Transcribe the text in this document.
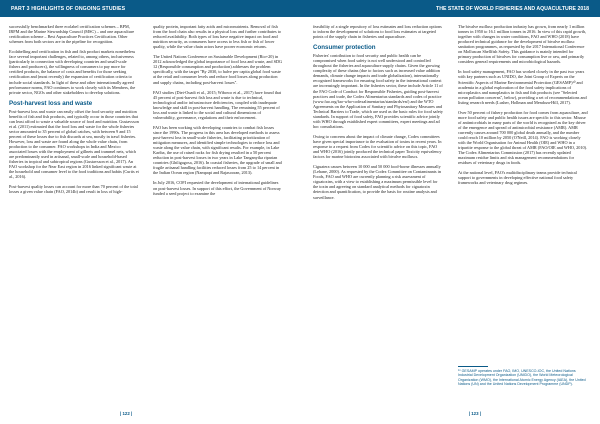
PART 3 HIGHLIGHTS OF ONGOING STUDIES	THE STATE OF WORLD FISHERIES AND AQUACULTURE 2018

successfully benchmarked three ecolabel certification schemes – BPM, IRFM and the Marine Stewardship Council (MSC) – and one aquaculture certification scheme – Best Aquaculture Practices Certification. Other schemes from both sectors are in the pipeline for recognition.

Ecolabelling and certification in fish and fish product markets nonetheless face several important challenges, related to, among others, inclusiveness (particularly in connection with developing countries and small-scale fishers and producers), the willingness of consumers to pay more for certified products, the balance of costs and benefits for those seeking certification and (most recently) the expansion of certification criteria to include social standards. In light of these and other internationally agreed performance norms, FAO continues to work closely with its Members, the private sector, NGOs and other stakeholders to develop solutions.

Post-harvest loss and waste

Post-harvest loss and waste can easily offset the food security and nutrition benefits of fish and fish products, and typically occur in those countries that can least afford to waste a valuable source of food and nutrition. Gustavsson et al. (2011) estimated that the food loss and waste for the whole fisheries sector amounted to 35 percent of global catches, with between 9 and 15 percent of these losses due to fish discards at sea, mostly in trawl fisheries. However, loss and waste are found along the whole value chain, from production to the consumer. FAO workshops in India and Mexico associated losses with the employment of gillnets and trammel nets, which are predominantly used in artisanal, small-scale and household-based fisheries in tropical and subtropical regions (Gustavsson et al., 2017). An FAO workshop for the Near East region in 2016 linked significant waste at the household and consumer level to the food traditions and habits (Curtis et al., 2016).

Post-harvest quality losses can account for more than 70 percent of the total losses a given value chain (FAO, 2014b) and result in loss of high-

quality protein, important fatty acids and micronutrients. Removal of fish from the food chain also results in a physical loss and further contributes to reduced availability. Both types of loss have negative impact on food and nutrition security, as consumers have access to less fish or fish of lower quality, while the value chain actors have poorer economic returns.

The United Nations Conference on Sustainable Development (Rio+20) in 2012 acknowledged the global importance of food loss and waste, and SDG 12 (Responsible consumption and production) addresses the problem specifically, with the target "By 2030, to halve per capita global food waste at the retail and consumer levels and reduce food losses along production and supply chains, including post-harvest losses".

FAO studies (Diei-Ouadi et al., 2015; Wibowo et al., 2017) have found that 45 percent of post-harvest fish loss and waste is due to technical, technological and/or infrastructure deficiencies, coupled with inadequate knowledge and skill in post-harvest handling. The remaining 55 percent of loss and waste is linked to the social and cultural dimensions of vulnerability, governance, regulations and their enforcement.

FAO has been working with developing countries to combat fish losses since the 1990s. The progress in this area has developed methods to assess post-harvest loss in small-scale fisheries, facilitating prioritization of mitigation measures, and identified simple technologies to reduce loss and waste along the value chain, with significant results. For example, in Lake Kariba, the use of raised racks for fish drying resulted in a 50 percent reduction in post-harvest losses in two years in Lake Tanganyika riparian countries (Ghiligagosa, 2016). In coastal fisheries, the upgrade of small and fragile artisanal handling facilities reduced losses from 25 to 14 percent in the Indian Ocean region (Nampapi and Rajasooran, 2013).

In July 2016, COFI requested the development of international guidelines on post-harvest losses. In support of this effort, the Government of Norway funded a seed project to examine the

feasibility of a single repository of loss estimates and loss reduction options to inform the development of solutions to food loss estimates at targeted points of the supply chain in fisheries and aquaculture.

Consumer protection

Fisheries' contribution to food security and public health can be compromised when food safety is not well understood and controlled throughout the fisheries and aquaculture supply chains. Given the growing complexity of these chains (due to factors such as increased value addition demands, climate change impacts and trade globalization), internationally recognized frameworks for ensuring food safety in the international context are increasingly important. In the fisheries sector, these include Article 11 of the FAO Code of Conduct for Responsible Fisheries, guiding post-harvest practices and trade, the Codex Alimentarius standards and codes of practice (www.fao.org/fao-who-codexalimentarius/standards/en/) and the WTO Agreements on the Application of Sanitary and Phytosanitary Measures and Technical Barriers to Trade, which are used as the basic rules for food safety standards. In support of food safety, FAO provides scientific advice jointly with WHO through established expert committees, expert meetings and ad hoc consultations.

Owing to concerns about the impact of climate change, Codex committees have given special importance to the evaluation of toxins in recent years. In response to a request from Codex for scientific advice on this topic, FAO and WHO (2016) jointly produced the technical paper Toxicity equivalency factors for marine biotoxins associated with bivalve molluscs.

Ciguatera causes between 10 000 and 50 000 food-borne illnesses annually (Lehane, 2000). As requested by the Codex Committee on Contaminants in Foods, FAO and WHO are currently planning a risk assessment of ciguatoxins, with a view to establishing a maximum permissible level for the toxin and agreeing on standard analytical methods for ciguatoxin detection and quantification, to provide the basis for routine analysis and surveillance.

The bivalve mollusc production industry has grown, from nearly 1 million tonnes in 1950 to 16.1 million tonnes in 2016. In view of this rapid growth, together with changes in water conditions, FAO and WHO (2018) have produced technical guidance for the development of bivalve mollusc sanitation programmes, as requested by the 2017 International Conference on Molluscan Shellfish Safety. This guidance is mainly intended for primary production of bivalves for consumption live or raw, and primarily considers general requirements and microbiological hazards.

In food safety management, FAO has worked closely in the past two years with key partners such as UNIDO, the Joint Group of Experts on the Scientific Aspects of Marine Environmental Protection (GESAMP)¹⁰ and academia in a global exploration of the food safety implications of microplastics and nanoplastics in fish and fish products (see "Selected ocean pollution concerns", below), providing a set of recommendations and listing research needs (Lusher, Hollman and Mendoza-Hill, 2017).

Over 50 percent of fishery production for food comes from aquaculture, and more food safety and public health issues are specific to this sector. Misuse of antimicrobials in many parts of the world is recognized as the key driver of the emergence and spread of antimicrobial resistance (AMR). AMR currently causes around 700 000 global death annually, and the number could reach 10 million by 2050 (O'Neill, 2014). FAO is working closely with the World Organisation for Animal Health (OIE) and WHO in a tripartite response to the global threat of AMR (FAO/OIE and WHO, 2010). The Codex Alimentarius Commission (2017) has recently updated maximum residue limits and risk management recommendations for residues of veterinary drugs in foods.

At the national level, FAO's multidisciplinary teams provide technical support to governments in developing effective national food safety frameworks and veterinary drug regimes.

¹⁰ GESAMP operates under FAO, IMO, UNESCO-IOC, the United Nations Industrial Development Organization (UNIDO), the World Meteorological Organization (WMO), the International Atomic Energy Agency (IAEA), the United Nations (UN) and the United Nations Development Programme (UNDP).
| 122 |	| 123 |
